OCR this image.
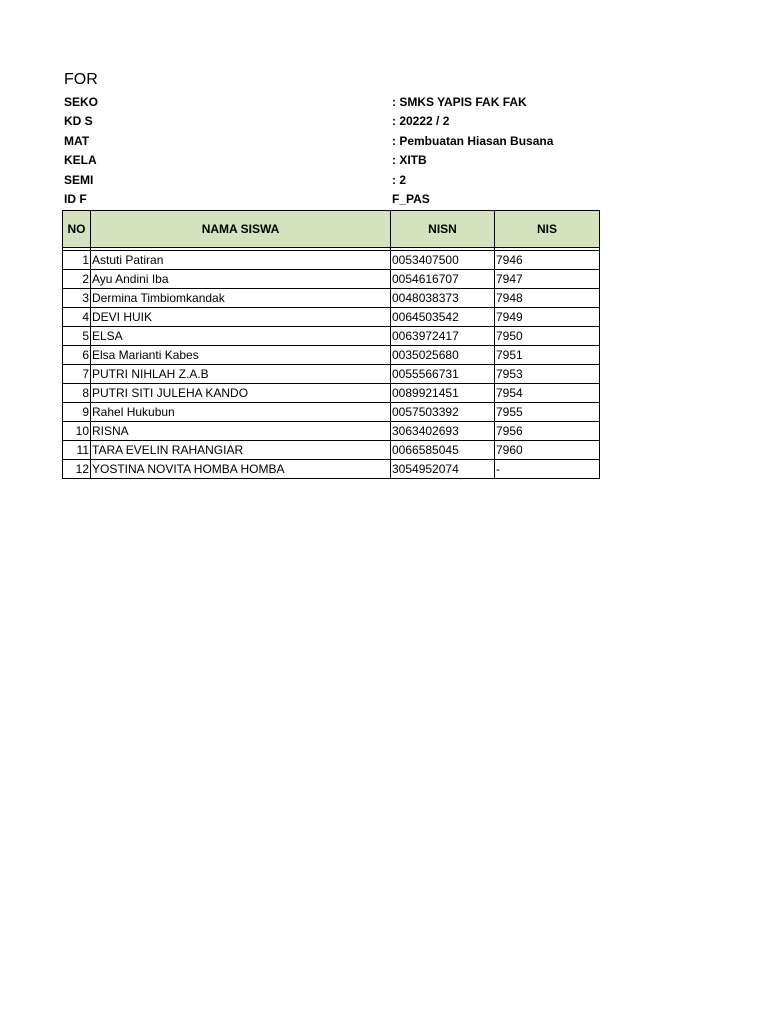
FOR
SEKO	: SMKS YAPIS FAK FAK
KD S	: 20222 / 2
MAT	: Pembuatan Hiasan Busana
KELA	: XITB
SEMI	: 2
ID F	F_PAS
NO	NAMA SISWA	NISN	NIS

1	Astuti Patiran	0053407500	7946
2	Ayu Andini Iba	0054616707	7947
3	Dermina Timbiomkandak	0048038373	7948
4	DEVI HUIK	0064503542	7949
5	ELSA	0063972417	7950
6	Elsa Marianti Kabes	0035025680	7951
7	PUTRI NIHLAH Z.A.B	0055566731	7953
8	PUTRI SITI JULEHA KANDO	0089921451	7954
9	Rahel Hukubun	0057503392	7955
10	RISNA	3063402693	7956
11	TARA EVELIN RAHANGIAR	0066585045	7960
12	YOSTINA NOVITA HOMBA HOMBA	3054952074	-
